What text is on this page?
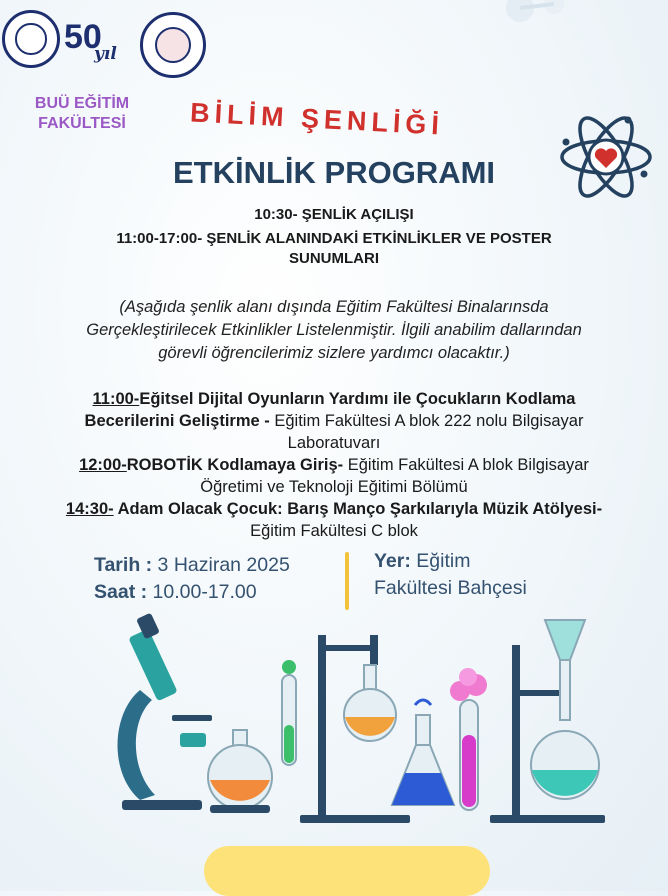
50
yıl
BUÜ EĞİTİM
FAKÜLTESİ	BİLİM ŞENLİĞİ
ETKİNLİK PROGRAMI
10:30- ŞENLİK AÇILIŞI
11:00-17:00- ŞENLİK ALANINDAKİ ETKİNLİKLER VE POSTER
SUNUMLARI
(Aşağıda şenlik alanı dışında Eğitim Fakültesi Binalarınsda
Gerçekleştirilecek Etkinlikler Listelenmiştir. İlgili anabilim dallarından
görevli öğrencilerimiz sizlere yardımcı olacaktır.)

11:00-Eğitsel Dijital Oyunların Yardımı ile Çocukların Kodlama
Becerilerini Geliştirme - Eğitim Fakültesi A blok 222 nolu Bilgisayar
Laboratuvarı

12:00-ROBOTİK Kodlamaya Giriş- Eğitim Fakültesi A blok Bilgisayar
Öğretimi ve Teknoloji Eğitimi Bölümü

14:30- Adam Olacak Çocuk: Barış Manço Şarkılarıyla Müzik Atölyesi-
Eğitim Fakültesi C blok

Tarih : 3 Haziran 2025
Saat : 10.00-17.00
Yer: Eğitim
Fakültesi Bahçesi
